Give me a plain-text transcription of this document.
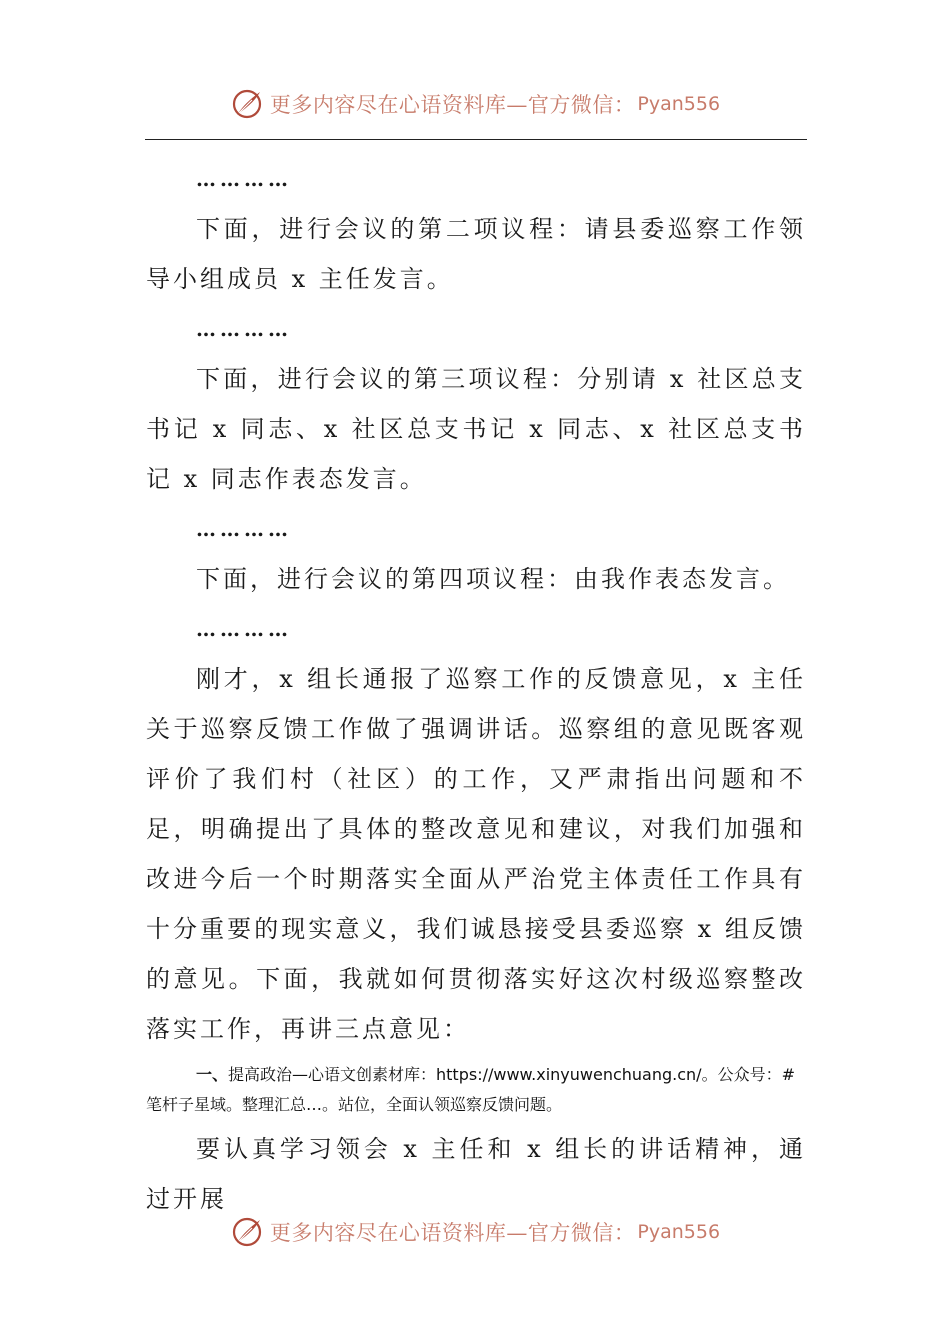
更多内容尽在心语资料库—官方微信： Pyan556

…………

下面，进行会议的第二项议程：请县委巡察工作领导小组成员 x 主任发言。

…………

下面，进行会议的第三项议程：分别请 x 社区总支书记 x 同志、x 社区总支书记 x 同志、x 社区总支书记 x 同志作表态发言。

…………

下面，进行会议的第四项议程：由我作表态发言。

…………

刚才，x 组长通报了巡察工作的反馈意见，x 主任关于巡察反馈工作做了强调讲话。巡察组的意见既客观评价了我们村（社区）的工作，又严肃指出问题和不足，明确提出了具体的整改意见和建议，对我们加强和改进今后一个时期落实全面从严治党主体责任工作具有十分重要的现实意义，我们诚恳接受县委巡察 x 组反馈的意见。下面，我就如何贯彻落实好这次村级巡察整改落实工作，再讲三点意见：

一、提高政治—心语文创素材库：https://www.xinyuwenchuang.cn/。公众号：#笔杆子星域。整理汇总…。站位，全面认领巡察反馈问题。

要认真学习领会 x 主任和 x 组长的讲话精神，通过开展

更多内容尽在心语资料库—官方微信： Pyan556
